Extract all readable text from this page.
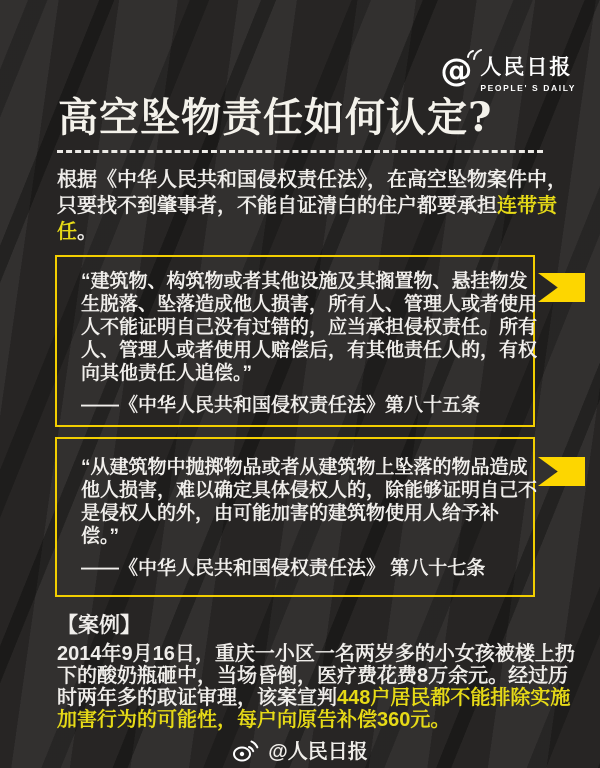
@ 人民日报
PEOPLE' S DAILY
高空坠物责任如何认定?
根据《中华人民共和国侵权责任法》，在高空坠物案件中，
只要找不到肇事者，不能自证清白的住户都要承担连带责
任。
“建筑物、构筑物或者其他设施及其搁置物、悬挂物发
生脱落、坠落造成他人损害，所有人、管理人或者使用
人不能证明自己没有过错的，应当承担侵权责任。所有
人、管理人或者使用人赔偿后，有其他责任人的，有权
向其他责任人追偿。”
——《中华人民共和国侵权责任法》第八十五条
“从建筑物中抛掷物品或者从建筑物上坠落的物品造成
他人损害，难以确定具体侵权人的，除能够证明自己不
是侵权人的外，由可能加害的建筑物使用人给予补
偿。”
——《中华人民共和国侵权责任法》 第八十七条
【案例】
2014年9月16日，重庆一小区一名两岁多的小女孩被楼上扔
下的酸奶瓶砸中，当场昏倒，医疗费花费8万余元。经过历
时两年多的取证审理，该案宣判448户居民都不能排除实施
加害行为的可能性，每户向原告补偿360元。
@人民日报
